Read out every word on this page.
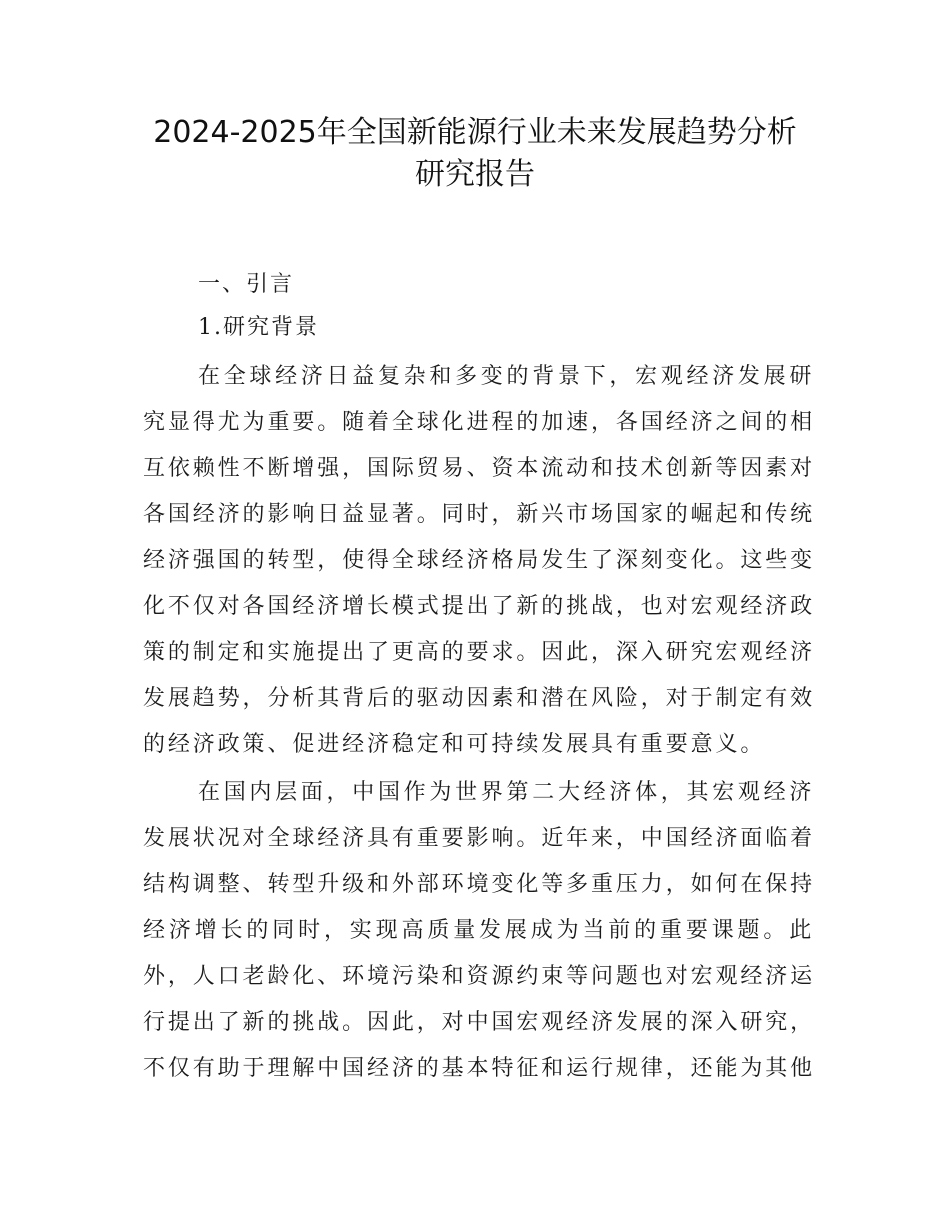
2024-2025年全国新能源行业未来发展趋势分析
研究报告
一、引言
1.研究背景
在全球经济日益复杂和多变的背景下，宏观经济发展研
究显得尤为重要。随着全球化进程的加速，各国经济之间的相
互依赖性不断增强，国际贸易、资本流动和技术创新等因素对
各国经济的影响日益显著。同时，新兴市场国家的崛起和传统
经济强国的转型，使得全球经济格局发生了深刻变化。这些变
化不仅对各国经济增长模式提出了新的挑战，也对宏观经济政
策的制定和实施提出了更高的要求。因此，深入研究宏观经济
发展趋势，分析其背后的驱动因素和潜在风险，对于制定有效
的经济政策、促进经济稳定和可持续发展具有重要意义。
在国内层面，中国作为世界第二大经济体，其宏观经济
发展状况对全球经济具有重要影响。近年来，中国经济面临着
结构调整、转型升级和外部环境变化等多重压力，如何在保持
经济增长的同时，实现高质量发展成为当前的重要课题。此
外，人口老龄化、环境污染和资源约束等问题也对宏观经济运
行提出了新的挑战。因此，对中国宏观经济发展的深入研究，
不仅有助于理解中国经济的基本特征和运行规律，还能为其他
